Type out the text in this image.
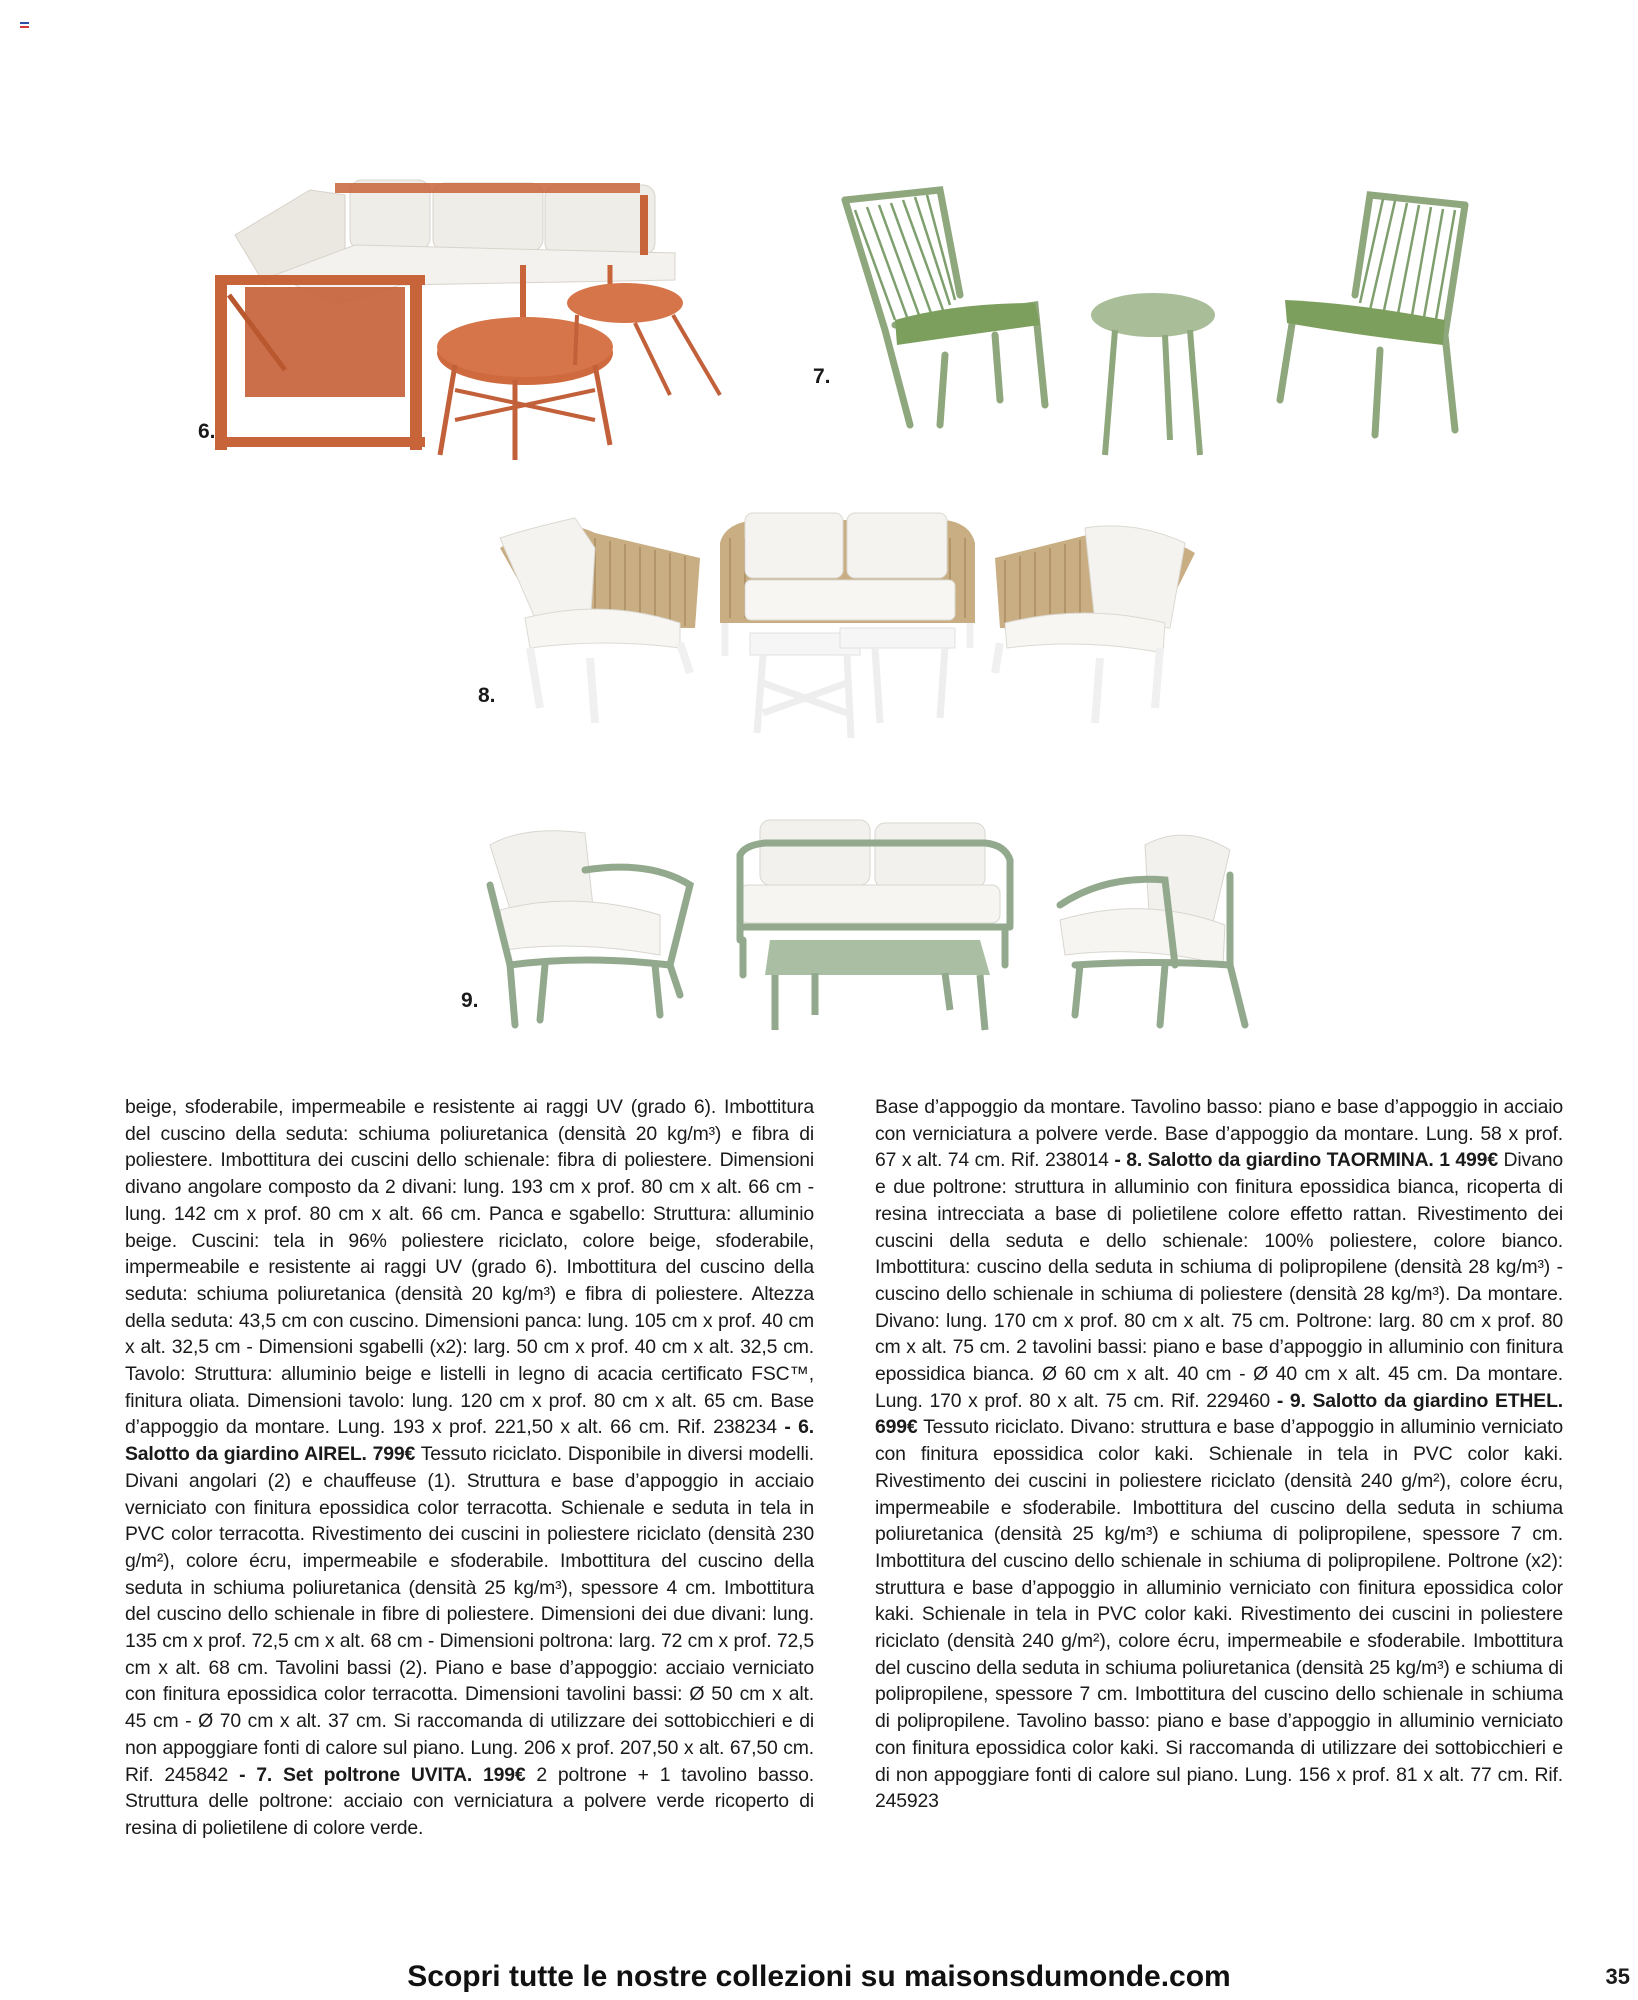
6.
7.
8.
9.
beige, sfoderabile, impermeabile e resistente ai raggi UV (grado 6). Imbottitura del cuscino della seduta: schiuma poliuretanica (densità 20 kg/m³) e fibra di poliestere. Imbottitura dei cuscini dello schienale: fibra di poliestere. Dimensioni divano angolare composto da 2 divani: lung. 193 cm x prof. 80 cm x alt. 66 cm - lung. 142 cm x prof. 80 cm x alt. 66 cm. Panca e sgabello: Struttura: alluminio beige. Cuscini: tela in 96% poliestere riciclato, colore beige, sfoderabile, impermeabile e resistente ai raggi UV (grado 6). Imbottitura del cuscino della seduta: schiuma poliuretanica (densità 20 kg/m³) e fibra di poliestere. Altezza della seduta: 43,5 cm con cuscino. Dimensioni panca: lung. 105 cm x prof. 40 cm x alt. 32,5 cm - Dimensioni sgabelli (x2): larg. 50 cm x prof. 40 cm x alt. 32,5 cm. Tavolo: Struttura: alluminio beige e listelli in legno di acacia certificato FSC™, finitura oliata. Dimensioni tavolo: lung. 120 cm x prof. 80 cm x alt. 65 cm. Base d’appoggio da montare. Lung. 193 x prof. 221,50 x alt. 66 cm. Rif. 238234 - 6. Salotto da giardino AIREL. 799€ Tessuto riciclato. Disponibile in diversi modelli. Divani angolari (2) e chauffeuse (1). Struttura e base d’appoggio in acciaio verniciato con finitura epossidica color terracotta. Schienale e seduta in tela in PVC color terracotta. Rivestimento dei cuscini in poliestere riciclato (densità 230 g/m²), colore écru, impermeabile e sfoderabile. Imbottitura del cuscino della seduta in schiuma poliuretanica (densità 25 kg/m³), spessore 4 cm. Imbottitura del cuscino dello schienale in fibre di poliestere. Dimensioni dei due divani: lung. 135 cm x prof. 72,5 cm x alt. 68 cm - Dimensioni poltrona: larg. 72 cm x prof. 72,5 cm x alt. 68 cm. Tavolini bassi (2). Piano e base d’appoggio: acciaio verniciato con finitura epossidica color terracotta. Dimensioni tavolini bassi: Ø 50 cm x alt. 45 cm - Ø 70 cm x alt. 37 cm. Si raccomanda di utilizzare dei sottobicchieri e di non appoggiare fonti di calore sul piano. Lung. 206 x prof. 207,50 x alt. 67,50 cm. Rif. 245842 - 7. Set poltrone UVITA. 199€ 2 poltrone + 1 tavolino basso. Struttura delle poltrone: acciaio con verniciatura a polvere verde ricoperto di resina di polietilene di colore verde.
Base d’appoggio da montare. Tavolino basso: piano e base d’appoggio in acciaio con verniciatura a polvere verde. Base d’appoggio da montare. Lung. 58 x prof. 67 x alt. 74 cm. Rif. 238014 - 8. Salotto da giardino TAORMINA. 1 499€ Divano e due poltrone: struttura in alluminio con finitura epossidica bianca, ricoperta di resina intrecciata a base di polietilene colore effetto rattan. Rivestimento dei cuscini della seduta e dello schienale: 100% poliestere, colore bianco. Imbottitura: cuscino della seduta in schiuma di polipropilene (densità 28 kg/m³) - cuscino dello schienale in schiuma di poliestere (densità 28 kg/m³). Da montare. Divano: lung. 170 cm x prof. 80 cm x alt. 75 cm. Poltrone: larg. 80 cm x prof. 80 cm x alt. 75 cm. 2 tavolini bassi: piano e base d’appoggio in alluminio con finitura epossidica bianca. Ø 60 cm x alt. 40 cm - Ø 40 cm x alt. 45 cm. Da montare. Lung. 170 x prof. 80 x alt. 75 cm. Rif. 229460 - 9. Salotto da giardino ETHEL. 699€ Tessuto riciclato. Divano: struttura e base d’appoggio in alluminio verniciato con finitura epossidica color kaki. Schienale in tela in PVC color kaki. Rivestimento dei cuscini in poliestere riciclato (densità 240 g/m²), colore écru, impermeabile e sfoderabile. Imbottitura del cuscino della seduta in schiuma poliuretanica (densità 25 kg/m³) e schiuma di polipropilene, spessore 7 cm. Imbottitura del cuscino dello schienale in schiuma di polipropilene. Poltrone (x2): struttura e base d’appoggio in alluminio verniciato con finitura epossidica color kaki. Schienale in tela in PVC color kaki. Rivestimento dei cuscini in poliestere riciclato (densità 240 g/m²), colore écru, impermeabile e sfoderabile. Imbottitura del cuscino della seduta in schiuma poliuretanica (densità 25 kg/m³) e schiuma di polipropilene, spessore 7 cm. Imbottitura del cuscino dello schienale in schiuma di polipropilene. Tavolino basso: piano e base d’appoggio in alluminio verniciato con finitura epossidica color kaki. Si raccomanda di utilizzare dei sottobicchieri e di non appoggiare fonti di calore sul piano. Lung. 156 x prof. 81 x alt. 77 cm. Rif. 245923
Scopri tutte le nostre collezioni su maisonsdumonde.com	35
